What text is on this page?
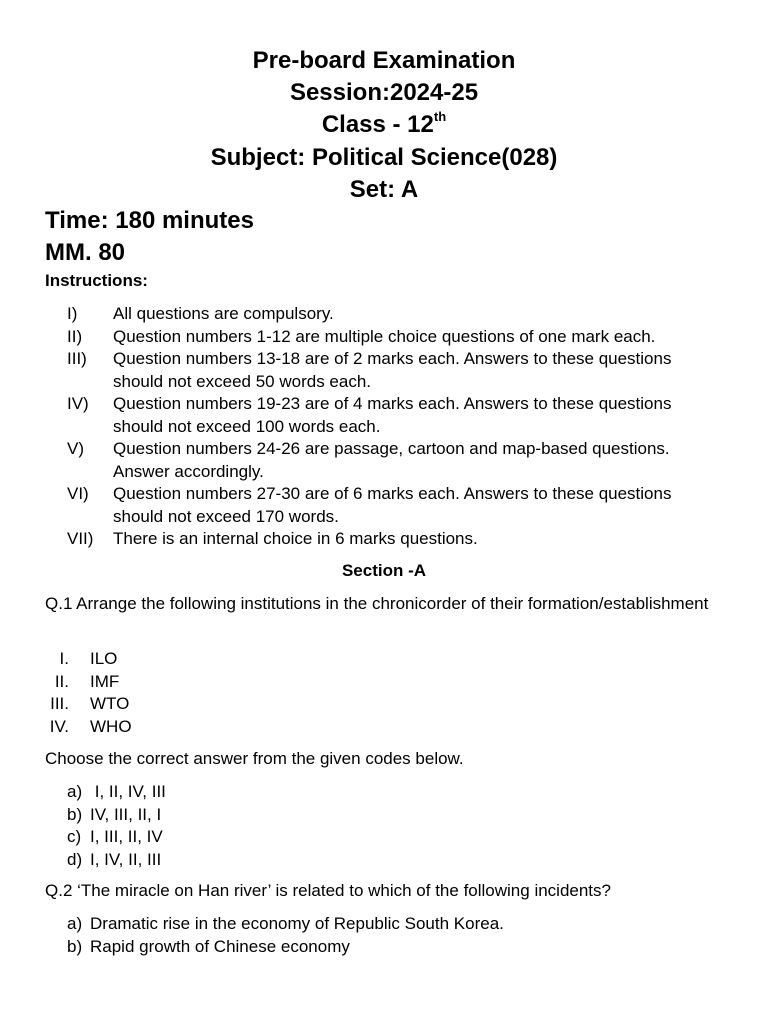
Pre-board Examination
Session:2024-25
Class - 12th
Subject: Political Science(028)
Set: A
Time: 180 minutes
MM. 80
Instructions:
I)	All questions are compulsory.
II)	Question numbers 1-12 are multiple choice questions of one mark each.
III)	Question numbers 13-18 are of 2 marks each. Answers to these questions should not exceed 50 words each.
IV)	Question numbers 19-23 are of 4 marks each. Answers to these questions should not exceed 100 words each.
V)	Question numbers 24-26 are passage, cartoon and map-based questions. Answer accordingly.
VI)	Question numbers 27-30 are of 6 marks each. Answers to these questions should not exceed 170 words.
VII)	There is an internal choice in 6 marks questions.
Section -A
Q.1 Arrange the following institutions in the chronicorder of their formation/establishment
I.	ILO
II.	IMF
III.	WTO
IV.	WHO
Choose the correct answer from the given codes below.
a) I, II, IV, III
b) IV, III, II, I
c) I, III, II, IV
d) I, IV, II, III
Q.2 ‘The miracle on Han river’ is related to which of the following incidents?
a) Dramatic rise in the economy of Republic South Korea.
b) Rapid growth of Chinese economy
